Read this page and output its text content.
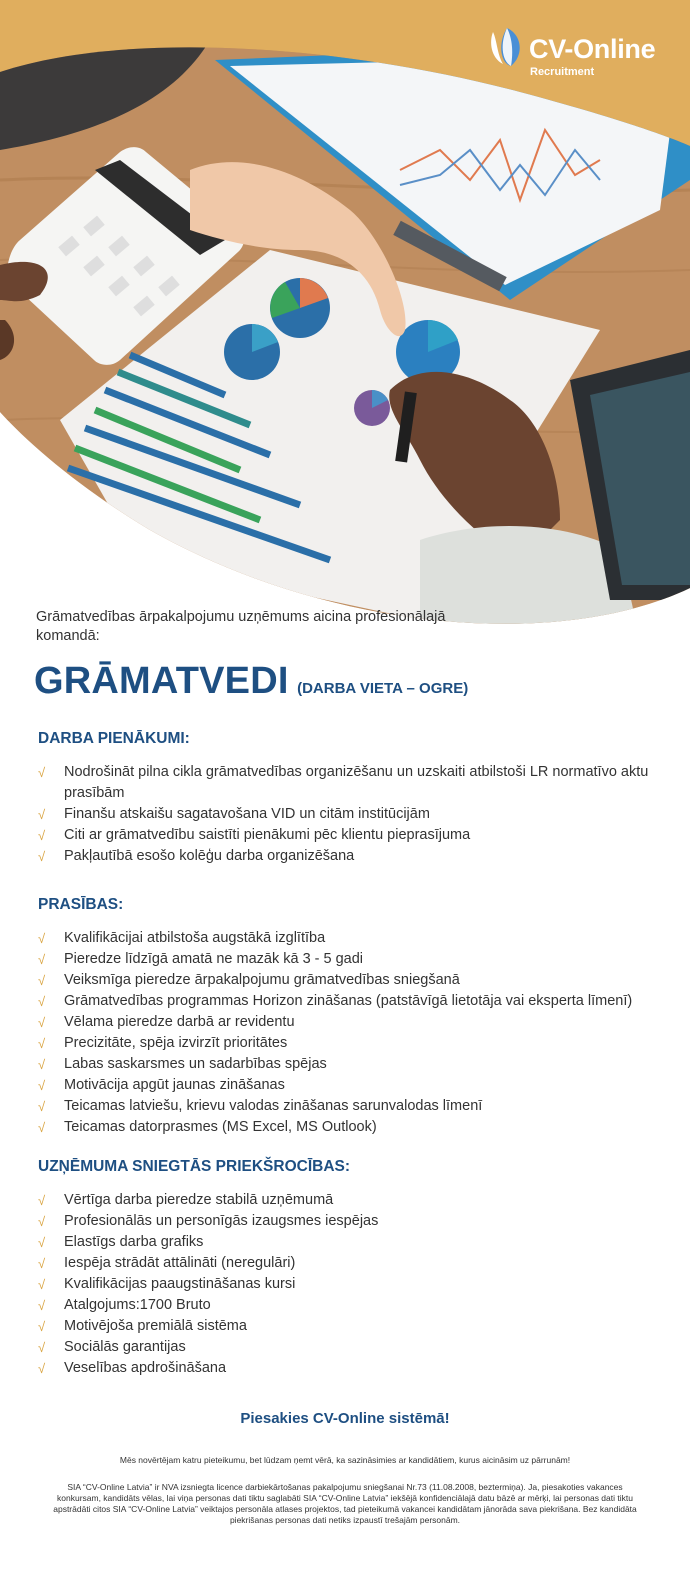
CV-Online
Recruitment
Grāmatvedības ārpakalpojumu uzņēmums aicina profesionālajā komandā:
GRĀMATVEDI (DARBA VIETA – OGRE)
DARBA PIENĀKUMI:
√ Nodrošināt pilna cikla grāmatvedības organizēšanu un uzskaiti atbilstoši LR normatīvo aktu prasībām
√ Finanšu atskaišu sagatavošana VID un citām institūcijām
√ Citi ar grāmatvedību saistīti pienākumi pēc klientu pieprasījuma
√ Pakļautībā esošo kolēģu darba organizēšana
PRASĪBAS:
√ Kvalifikācijai atbilstoša augstākā izglītība
√ Pieredze līdzīgā amatā ne mazāk kā 3 - 5 gadi
√ Veiksmīga pieredze ārpakalpojumu grāmatvedības sniegšanā
√ Grāmatvedības programmas Horizon zināšanas (patstāvīgā lietotāja vai eksperta līmenī)
√ Vēlama pieredze darbā ar revidentu
√ Precizitāte, spēja izvirzīt prioritātes
√ Labas saskarsmes un sadarbības spējas
√ Motivācija apgūt jaunas zināšanas
√ Teicamas latviešu, krievu valodas zināšanas sarunvalodas līmenī
√ Teicamas datorprasmes (MS Excel, MS Outlook)
UZŅĒMUMA SNIEGTĀS PRIEKŠROCĪBAS:
√ Vērtīga darba pieredze stabilā uzņēmumā
√ Profesionālās un personīgās izaugsmes iespējas
√ Elastīgs darba grafiks
√ Iespēja strādāt attālināti (neregulāri)
√ Kvalifikācijas paaugstināšanas kursi
√ Atalgojums:1700 Bruto
√ Motivējoša premiālā sistēma
√ Sociālās garantijas
√ Veselības apdrošināšana
Piesakies CV-Online sistēmā!
Mēs novērtējam katru pieteikumu, bet lūdzam ņemt vērā, ka sazināsimies ar kandidātiem, kurus aicināsim uz pārrunām!
SIA “CV-Online Latvia” ir NVA izsniegta licence darbiekārtošanas pakalpojumu sniegšanai Nr.73 (11.08.2008, beztermiņa). Ja, piesakoties vakances konkursam, kandidāts vēlas, lai viņa personas dati tiktu saglabāti SIA “CV-Online Latvia” iekšējā konfidenciālajā datu bāzē ar mērķi, lai personas dati tiktu apstrādāti citos SIA “CV-Online Latvia” veiktajos personāla atlases projektos, tad pieteikumā vakancei kandidātam jānorāda sava piekrišana. Bez kandidāta piekrišanas personas dati netiks izpaustī trešajām personām.
